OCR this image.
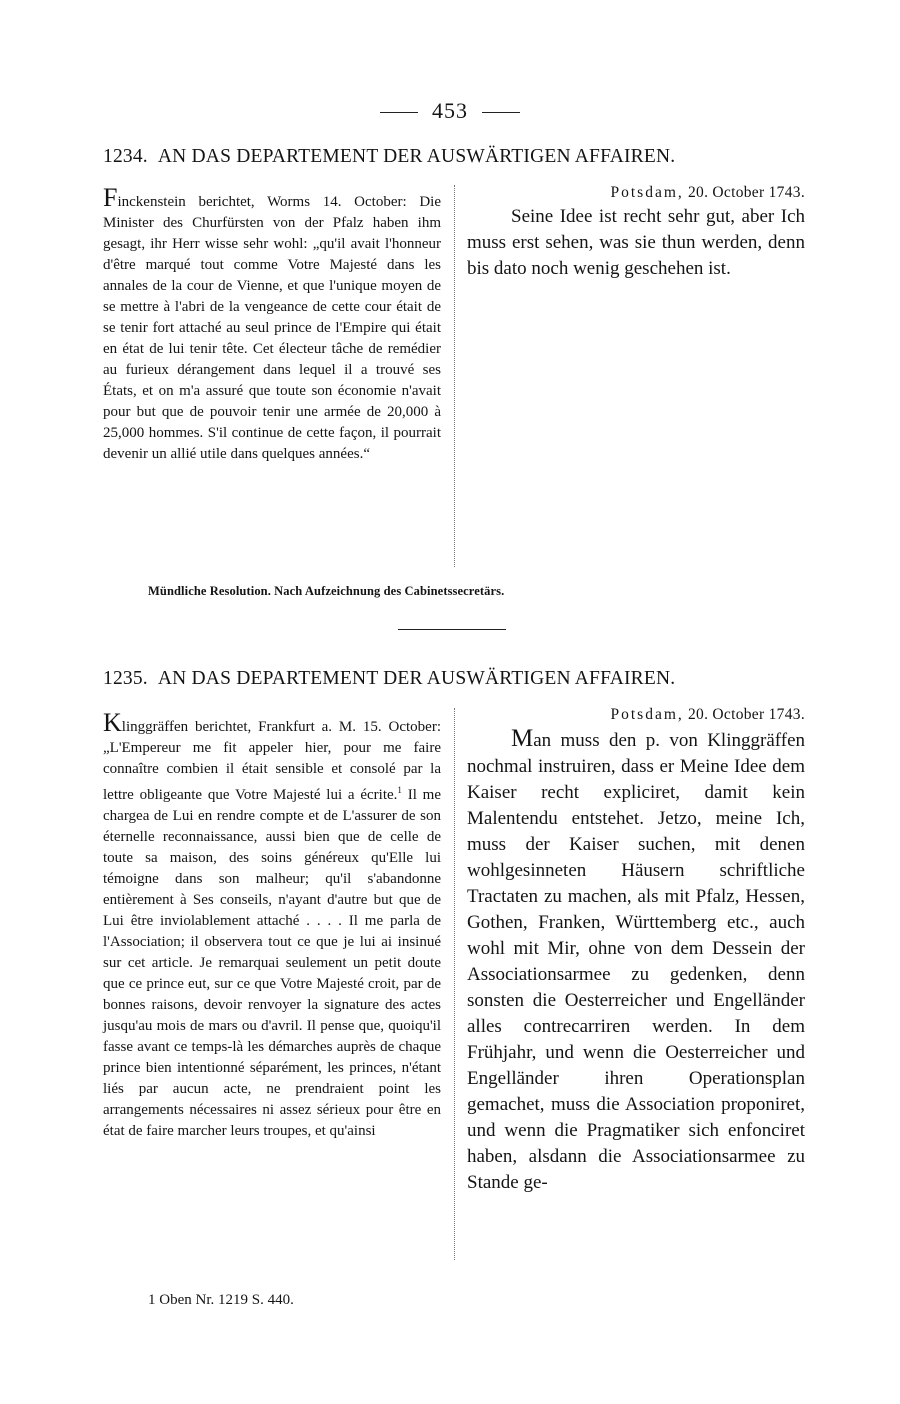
453
1234. AN DAS DEPARTEMENT DER AUSWÄRTIGEN AFFAIREN.

Finckenstein berichtet, Worms 14. October: Die Minister des Churfürsten von der Pfalz haben ihm gesagt, ihr Herr wisse sehr wohl: „qu'il avait l'honneur d'être marqué tout comme Votre Majesté dans les annales de la cour de Vienne, et que l'unique moyen de se mettre à l'abri de la vengeance de cette cour était de se tenir fort attaché au seul prince de l'Empire qui était en état de lui tenir tête. Cet électeur tâche de remédier au furieux dérangement dans lequel il a trouvé ses États, et on m'a assuré que toute son économie n'avait pour but que de pouvoir tenir une armée de 20,000 à 25,000 hommes. S'il continue de cette façon, il pourrait devenir un allié utile dans quelques années.“

Potsdam, 20. October 1743.

Seine Idee ist recht sehr gut, aber Ich muss erst sehen, was sie thun werden, denn bis dato noch wenig geschehen ist.

Mündliche Resolution. Nach Aufzeichnung des Cabinetssecretärs.
1235. AN DAS DEPARTEMENT DER AUSWÄRTIGEN AFFAIREN.

Klinggräffen berichtet, Frankfurt a. M. 15. October: „L'Empereur me fit appeler hier, pour me faire connaître combien il était sensible et consolé par la lettre obligeante que Votre Majesté lui a écrite.$^1$ Il me chargea de Lui en rendre compte et de L'assurer de son éternelle reconnaissance, aussi bien que de celle de toute sa maison, des soins généreux qu'Elle lui témoigne dans son malheur; qu'il s'abandonne entièrement à Ses conseils, n'ayant d'autre but que de Lui être inviolablement attaché . . . . Il me parla de l'Association; il observera tout ce que je lui ai insinué sur cet article. Je remarquai seulement un petit doute que ce prince eut, sur ce que Votre Majesté croit, par de bonnes raisons, devoir renvoyer la signature des actes jusqu'au mois de mars ou d'avril. Il pense que, quoiqu'il fasse avant ce temps-là les démarches auprès de chaque prince bien intentionné séparément, les princes, n'étant liés par aucun acte, ne prendraient point les arrangements nécessaires ni assez sérieux pour être en état de faire marcher leurs troupes, et qu'ainsi

Potsdam, 20. October 1743.

Man muss den p. von Klinggräffen nochmal instruiren, dass er Meine Idee dem Kaiser recht expliciret, damit kein Malentendu entstehet. Jetzo, meine Ich, muss der Kaiser suchen, mit denen wohlgesinneten Häusern schriftliche Tractaten zu machen, als mit Pfalz, Hessen, Gothen, Franken, Württemberg etc., auch wohl mit Mir, ohne von dem Dessein der Associationsarmee zu gedenken, denn sonsten die Oesterreicher und Engelländer alles contrecarriren werden. In dem Frühjahr, und wenn die Oesterreicher und Engelländer ihren Operationsplan gemachet, muss die Association proponiret, und wenn die Pragmatiker sich enfonciret haben, alsdann die Associationsarmee zu Stande ge-

1 Oben Nr. 1219 S. 440.
